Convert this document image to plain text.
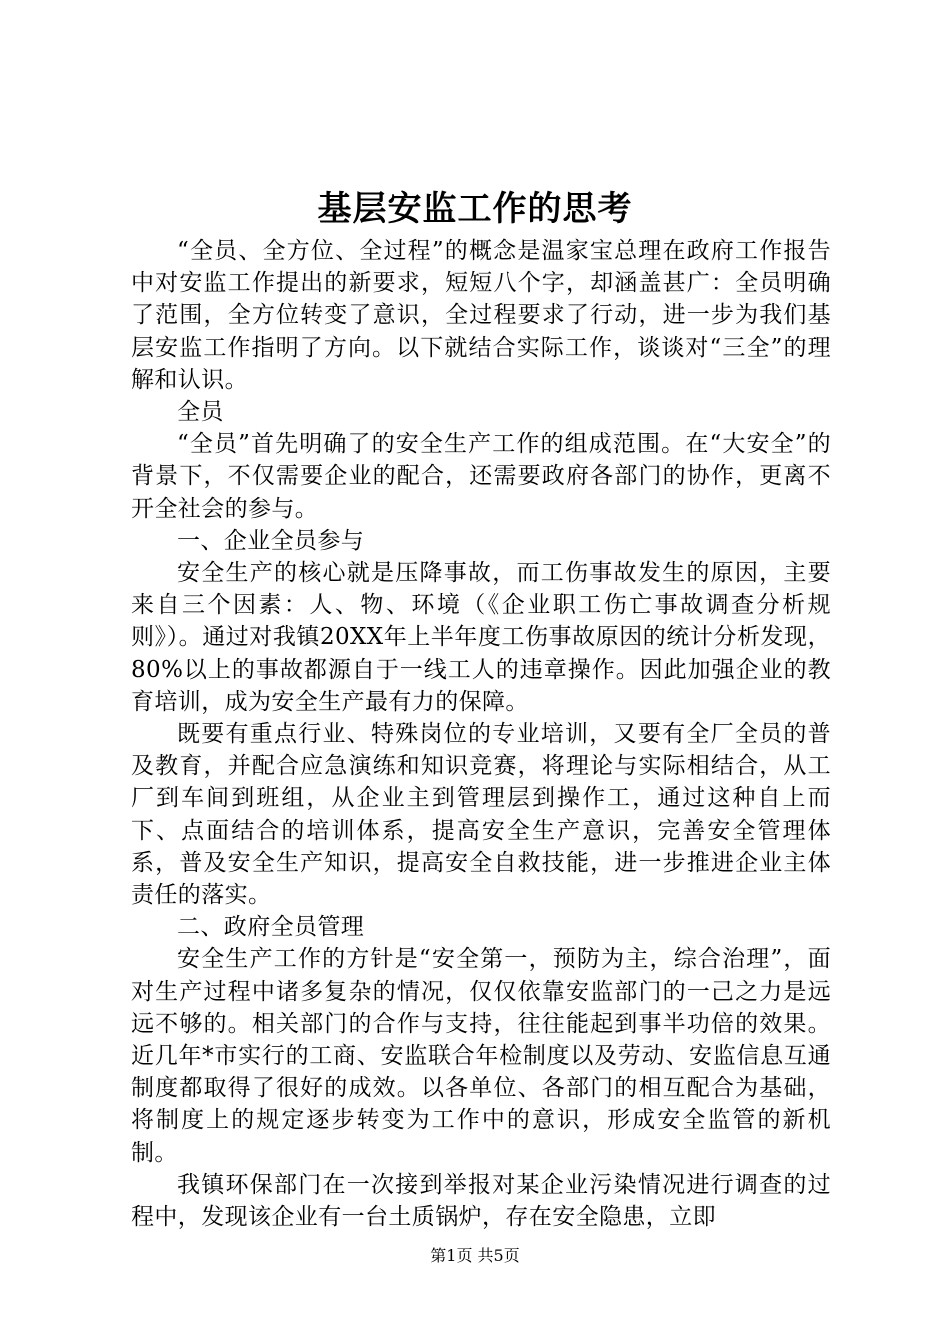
基层安监工作的思考

“全员、全方位、全过程”的概念是温家宝总理在政府工作报告中对安监工作提出的新要求，短短八个字，却涵盖甚广：全员明确了范围，全方位转变了意识，全过程要求了行动，进一步为我们基层安监工作指明了方向。以下就结合实际工作，谈谈对“三全”的理解和认识。

全员

“全员”首先明确了的安全生产工作的组成范围。在“大安全”的背景下，不仅需要企业的配合，还需要政府各部门的协作，更离不开全社会的参与。

一、企业全员参与

安全生产的核心就是压降事故，而工伤事故发生的原因，主要来自三个因素：人、物、环境（《企业职工伤亡事故调查分析规则》）。通过对我镇20XX年上半年度工伤事故原因的统计分析发现，80%以上的事故都源自于一线工人的违章操作。因此加强企业的教育培训，成为安全生产最有力的保障。

既要有重点行业、特殊岗位的专业培训，又要有全厂全员的普及教育，并配合应急演练和知识竞赛，将理论与实际相结合，从工厂到车间到班组，从企业主到管理层到操作工，通过这种自上而下、点面结合的培训体系，提高安全生产意识，完善安全管理体系，普及安全生产知识，提高安全自救技能，进一步推进企业主体责任的落实。

二、政府全员管理

安全生产工作的方针是“安全第一，预防为主，综合治理”，面对生产过程中诸多复杂的情况，仅仅依靠安监部门的一己之力是远远不够的。相关部门的合作与支持，往往能起到事半功倍的效果。近几年*市实行的工商、安监联合年检制度以及劳动、安监信息互通制度都取得了很好的成效。以各单位、各部门的相互配合为基础，将制度上的规定逐步转变为工作中的意识，形成安全监管的新机制。

我镇环保部门在一次接到举报对某企业污染情况进行调查的过程中，发现该企业有一台土质锅炉，存在安全隐患，立即

第1页 共5页
